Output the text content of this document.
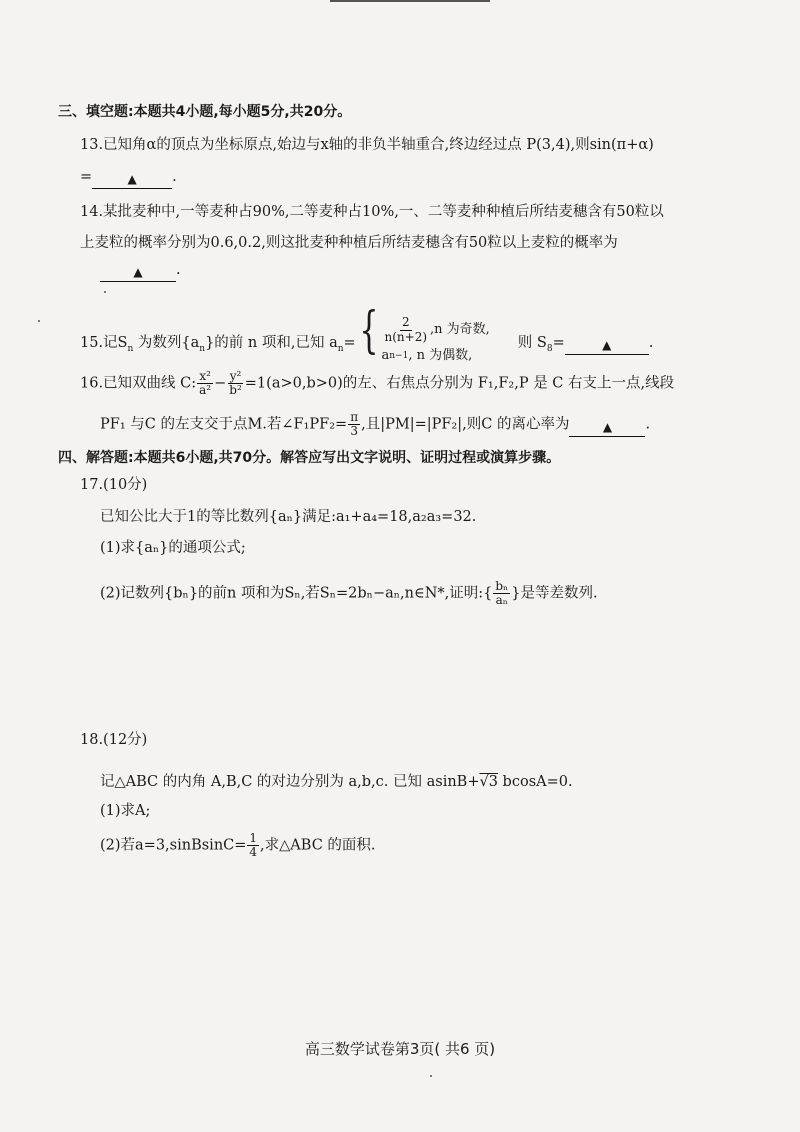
三、填空题:本题共4小题,每小题5分,共20分。
13.已知角α的顶点为坐标原点,始边与x轴的非负半轴重合,终边经过点 P(3,4),则sin(π+α)
=	▲ .
14.某批麦种中,一等麦种占90%,二等麦种占10%,一、二等麦种种植后所结麦穗含有50粒以
上麦粒的概率分别为0.6,0.2,则这批麦种种植后所结麦穗含有50粒以上麦粒的概率为
▲ .
15.记$S_n$ 为数列$\{a_n\}$的前 n 项和,已知 $a_n=\{ \frac{2}{n(n+2)} ,n$ 为奇数,
a n−1 , n 为偶数,
则 $S_8=$	▲	.
16.已知双曲线 C: $\frac{\text{x²}}{\text{a²}} - \frac{\text{y²}}{\text{b²}} =1(a>0,b>0)$的左、右焦点分别为 F₁,F₂,P 是 C 右支上一点,线段
PF₁ 与C 的左支交于点M.若∠F₁PF₂= $\frac{\pi}{3}$ ,且|PM|=|PF₂|,则C 的离心率为	▲ .
四、解答题:本题共6小题,共70分。解答应写出文字说明、证明过程或演算步骤。
17.(10分)
已知公比大于1的等比数列{aₙ}满足:a₁+a₄=18,a₂a₃=32.
(1)求{aₙ}的通项公式;
(2)记数列{bₙ}的前n 项和为Sₙ,若Sₙ=2bₙ−aₙ,n∈N*,证明:{ $\frac{\text{bₙ}}{\text{aₙ}}$ }是等差数列.
18.(12分)
记△ABC 的内角 A,B,C 的对边分别为 a,b,c. 已知 asinB+√3 bcosA=0.
(1)求A;
(2)若a=3,sinBsinC= $\frac{1}{4}$ ,求△ABC 的面积.
高三数学试卷第3页( 共6 页)
